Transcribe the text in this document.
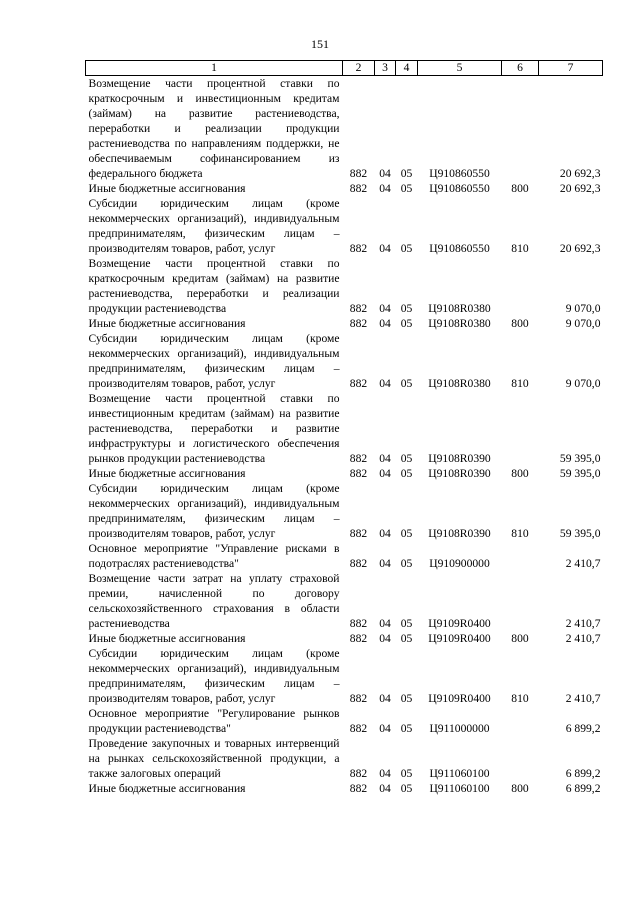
151
1	2	3	4	5	6	7
Возмещение части процентной ставки по краткосрочным и инвестиционным кредитам (займам) на развитие растениеводства, переработки и реализации продукции растениеводства по направлениям поддержки, не обеспечиваемым софинансированием из федерального бюджета	882	04	05	Ц910860550		20 692,3
Иные бюджетные ассигнования	882	04	05	Ц910860550	800	20 692,3
Субсидии юридическим лицам (кроме некоммерческих организаций), индивидуальным предпринимателям, физическим лицам – производителям товаров, работ, услуг	882	04	05	Ц910860550	810	20 692,3
Возмещение части процентной ставки по краткосрочным кредитам (займам) на развитие растениеводства, переработки и реализации продукции растениеводства	882	04	05	Ц9108R0380		9 070,0
Иные бюджетные ассигнования	882	04	05	Ц9108R0380	800	9 070,0
Субсидии юридическим лицам (кроме некоммерческих организаций), индивидуальным предпринимателям, физическим лицам – производителям товаров, работ, услуг	882	04	05	Ц9108R0380	810	9 070,0
Возмещение части процентной ставки по инвестиционным кредитам (займам) на развитие растениеводства, переработки и развитие инфраструктуры и логистического обеспечения рынков продукции растениеводства	882	04	05	Ц9108R0390		59 395,0
Иные бюджетные ассигнования	882	04	05	Ц9108R0390	800	59 395,0
Субсидии юридическим лицам (кроме некоммерческих организаций), индивидуальным предпринимателям, физическим лицам – производителям товаров, работ, услуг	882	04	05	Ц9108R0390	810	59 395,0
Основное мероприятие "Управление рисками в подотраслях растениеводства"	882	04	05	Ц910900000		2 410,7
Возмещение части затрат на уплату страховой премии, начисленной по договору сельскохозяйственного страхования в области растениеводства	882	04	05	Ц9109R0400		2 410,7
Иные бюджетные ассигнования	882	04	05	Ц9109R0400	800	2 410,7
Субсидии юридическим лицам (кроме некоммерческих организаций), индивидуальным предпринимателям, физическим лицам – производителям товаров, работ, услуг	882	04	05	Ц9109R0400	810	2 410,7
Основное мероприятие "Регулирование рынков продукции растениеводства"	882	04	05	Ц911000000		6 899,2
Проведение закупочных и товарных интервенций на рынках сельскохозяйственной продукции, а также залоговых операций	882	04	05	Ц911060100		6 899,2
Иные бюджетные ассигнования	882	04	05	Ц911060100	800	6 899,2
